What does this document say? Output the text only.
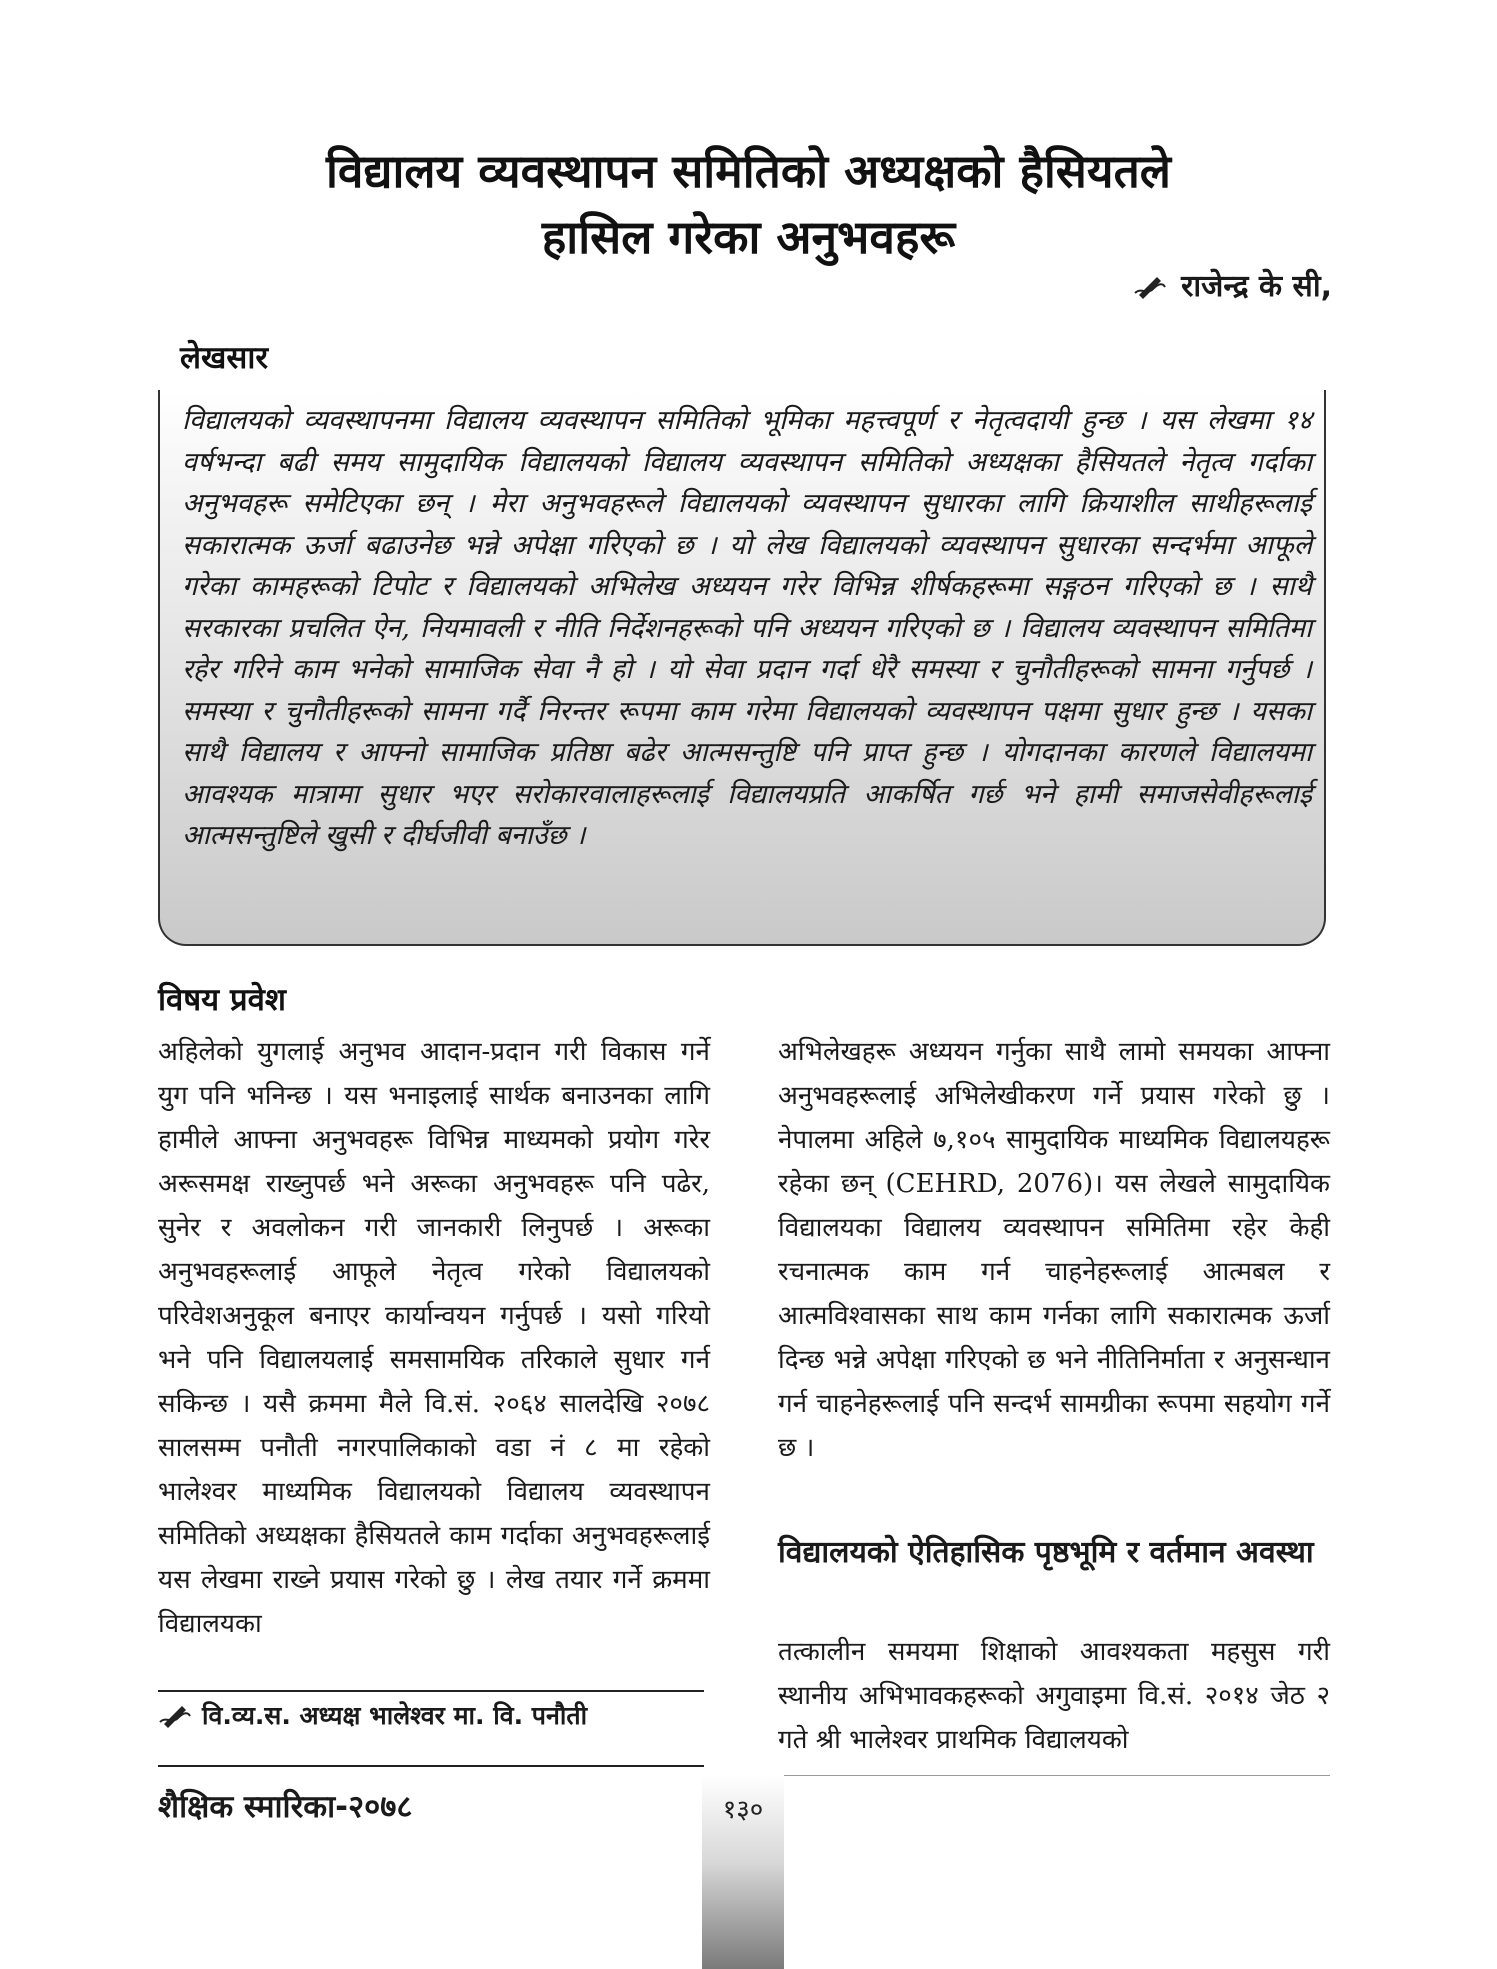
विद्यालय व्यवस्थापन समितिको अध्यक्षको हैसियतले
हासिल गरेका अनुभवहरू
राजेन्द्र के सी,
लेखसार
विद्यालयको व्यवस्थापनमा विद्यालय व्यवस्थापन समितिको भूमिका महत्त्वपूर्ण र नेतृत्वदायी हुन्छ । यस लेखमा १४ वर्षभन्दा बढी समय सामुदायिक विद्यालयको विद्यालय व्यवस्थापन समितिको अध्यक्षका हैसियतले नेतृत्व गर्दाका अनुभवहरू समेटिएका छन् । मेरा अनुभवहरूले विद्यालयको व्यवस्थापन सुधारका लागि क्रियाशील साथीहरूलाई सकारात्मक ऊर्जा बढाउनेछ भन्ने अपेक्षा गरिएको छ । यो लेख विद्यालयको व्यवस्थापन सुधारका सन्दर्भमा आफूले गरेका कामहरूको टिपोट र विद्यालयको अभिलेख अध्ययन गरेर विभिन्न शीर्षकहरूमा सङ्गठन गरिएको छ । साथै सरकारका प्रचलित ऐन, नियमावली र नीति निर्देशनहरूको पनि अध्ययन गरिएको छ । विद्यालय व्यवस्थापन समितिमा रहेर गरिने काम भनेको सामाजिक सेवा नै हो । यो सेवा प्रदान गर्दा धेरै समस्या र चुनौतीहरूको सामना गर्नुपर्छ । समस्या र चुनौतीहरूको सामना गर्दै निरन्तर रूपमा काम गरेमा विद्यालयको व्यवस्थापन पक्षमा सुधार हुन्छ । यसका साथै विद्यालय र आफ्नो सामाजिक प्रतिष्ठा बढेर आत्मसन्तुष्टि पनि प्राप्त हुन्छ । योगदानका कारणले विद्यालयमा आवश्यक मात्रामा सुधार भएर सरोकारवालाहरूलाई विद्यालयप्रति आकर्षित गर्छ भने हामी समाजसेवीहरूलाई आत्मसन्तुष्टिले खुसी र दीर्घजीवी बनाउँछ ।
विषय प्रवेश

अहिलेको युगलाई अनुभव आदान-प्रदान गरी विकास गर्ने युग पनि भनिन्छ । यस भनाइलाई सार्थक बनाउनका लागि हामीले आफ्ना अनुभवहरू विभिन्न माध्यमको प्रयोग गरेर अरूसमक्ष राख्नुपर्छ भने अरूका अनुभवहरू पनि पढेर, सुनेर र अवलोकन गरी जानकारी लिनुपर्छ । अरूका अनुभवहरूलाई आफूले नेतृत्व गरेको विद्यालयको परिवेशअनुकूल बनाएर कार्यान्वयन गर्नुपर्छ । यसो गरियो भने पनि विद्यालयलाई समसामयिक तरिकाले सुधार गर्न सकिन्छ । यसै क्रममा मैले वि.सं. २०६४ सालदेखि २०७८ सालसम्म पनौती नगरपालिकाको वडा नं ८ मा रहेको भालेश्वर माध्यमिक विद्यालयको विद्यालय व्यवस्थापन समितिको अध्यक्षका हैसियतले काम गर्दाका अनुभवहरूलाई यस लेखमा राख्ने प्रयास गरेको छु । लेख तयार गर्ने क्रममा विद्यालयका

अभिलेखहरू अध्ययन गर्नुका साथै लामो समयका आफ्ना अनुभवहरूलाई अभिलेखीकरण गर्ने प्रयास गरेको छु । नेपालमा अहिले ७,१०५ सामुदायिक माध्यमिक विद्यालयहरू रहेका छन् (CEHRD, 2076)। यस लेखले सामुदायिक विद्यालयका विद्यालय व्यवस्थापन समितिमा रहेर केही रचनात्मक काम गर्न चाहनेहरूलाई आत्मबल र आत्मविश्वासका साथ काम गर्नका लागि सकारात्मक ऊर्जा दिन्छ भन्ने अपेक्षा गरिएको छ भने नीतिनिर्माता र अनुसन्धान गर्न चाहनेहरूलाई पनि सन्दर्भ सामग्रीका रूपमा सहयोग गर्ने छ ।

विद्यालयको ऐतिहासिक पृष्ठभूमि र वर्तमान अवस्था
तत्कालीन समयमा शिक्षाको आवश्यकता महसुस गरी स्थानीय अभिभावकहरूको अगुवाइमा वि.सं. २०१४ जेठ २ गते श्री भालेश्वर प्राथमिक विद्यालयको
वि.व्य.स. अध्यक्ष भालेश्वर मा. वि. पनौती
शैक्षिक स्मारिका-२०७८	१३०
